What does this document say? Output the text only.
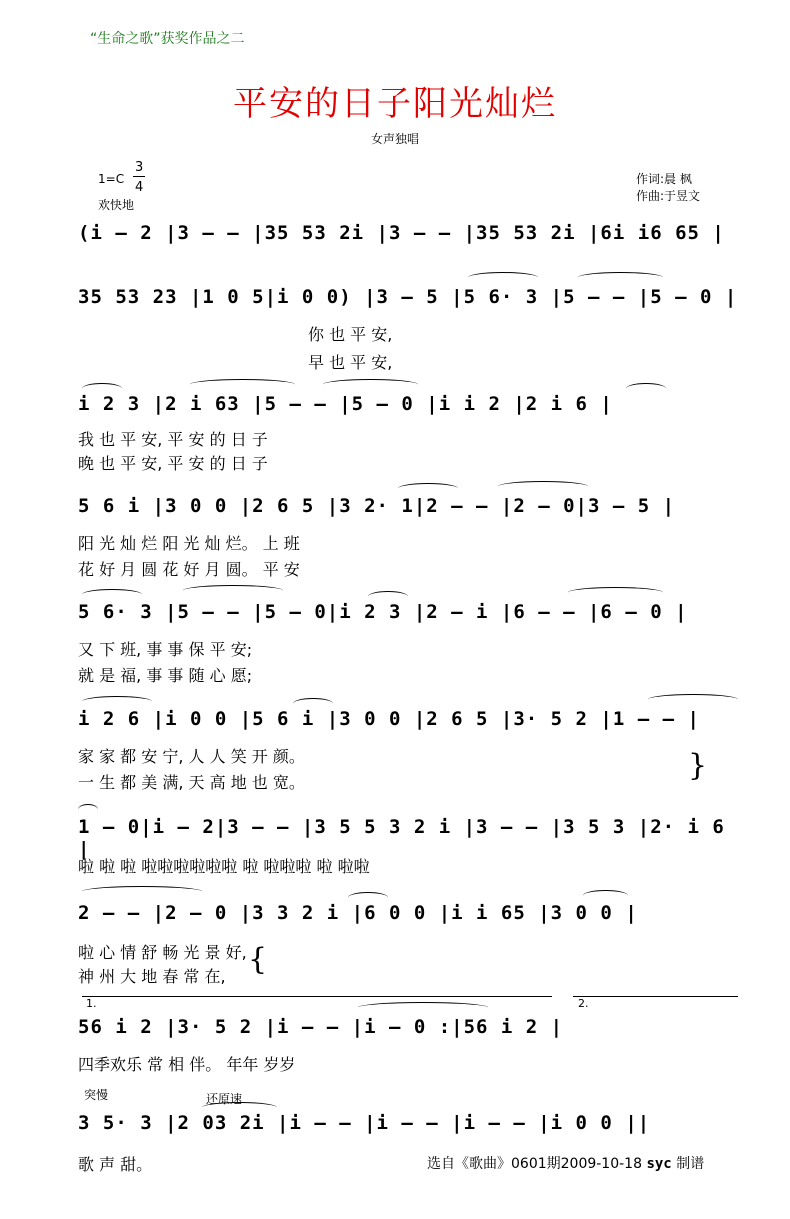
“生命之歌”获奖作品之二
平安的日子阳光灿烂
女声独唱
1=C
3
4
欢快地
作词:晨 枫
作曲:于昱文
(i – 2 |3 – – |35 53 2i |3 – – |35 53 2i |6i i6 65 |
35 53 23 |1 0 5|i 0 0) |3 – 5 |5 6· 3 |5 – – |5 – 0 |
你 也 平 安,
早 也 平 安,
i 2 3 |2 i 63 |5 – – |5 – 0 |i i 2 |2 i 6 |
我 也 平 安, 平 安 的 日 子
晚 也 平 安, 平 安 的 日 子
5 6 i |3 0 0 |2 6 5 |3 2· 1|2 – – |2 – 0|3 – 5 |
阳 光 灿 烂 阳 光 灿 烂。 上 班
花 好 月 圆 花 好 月 圆。 平 安
5 6· 3 |5 – – |5 – 0|i 2 3 |2 – i |6 – – |6 – 0 |
又 下 班, 事 事 保 平 安;
就 是 福, 事 事 随 心 愿;
i 2 6 |i 0 0 |5 6 i |3 0 0 |2 6 5 |3· 5 2 |1 – – |
家 家 都 安 宁, 人 人 笑 开 颜。
一 生 都 美 满, 天 高 地 也 宽。	}
1 – 0|i – 2|3 – – |3 5 5 3 2 i |3 – – |3 5 3 |2· i 6 |
啦 啦 啦 啦啦啦啦啦啦 啦 啦啦啦 啦 啦啦
2 – – |2 – 0 |3 3 2 i |6 0 0 |i i 65 |3 0 0 |
啦 心 情 舒 畅 光 景 好,
神 州 大 地 春 常 在, {
1.	2.
56 i 2 |3· 5 2 |i – – |i – 0 :|56 i 2 |
四季欢乐 常 相 伴。 年年 岁岁
突慢	还原速
3 5· 3 |2 03 2i |i – – |i – – |i – – |i 0 0 ||
歌 声 甜。	选自《歌曲》0601期2009-10-18 syc 制谱
